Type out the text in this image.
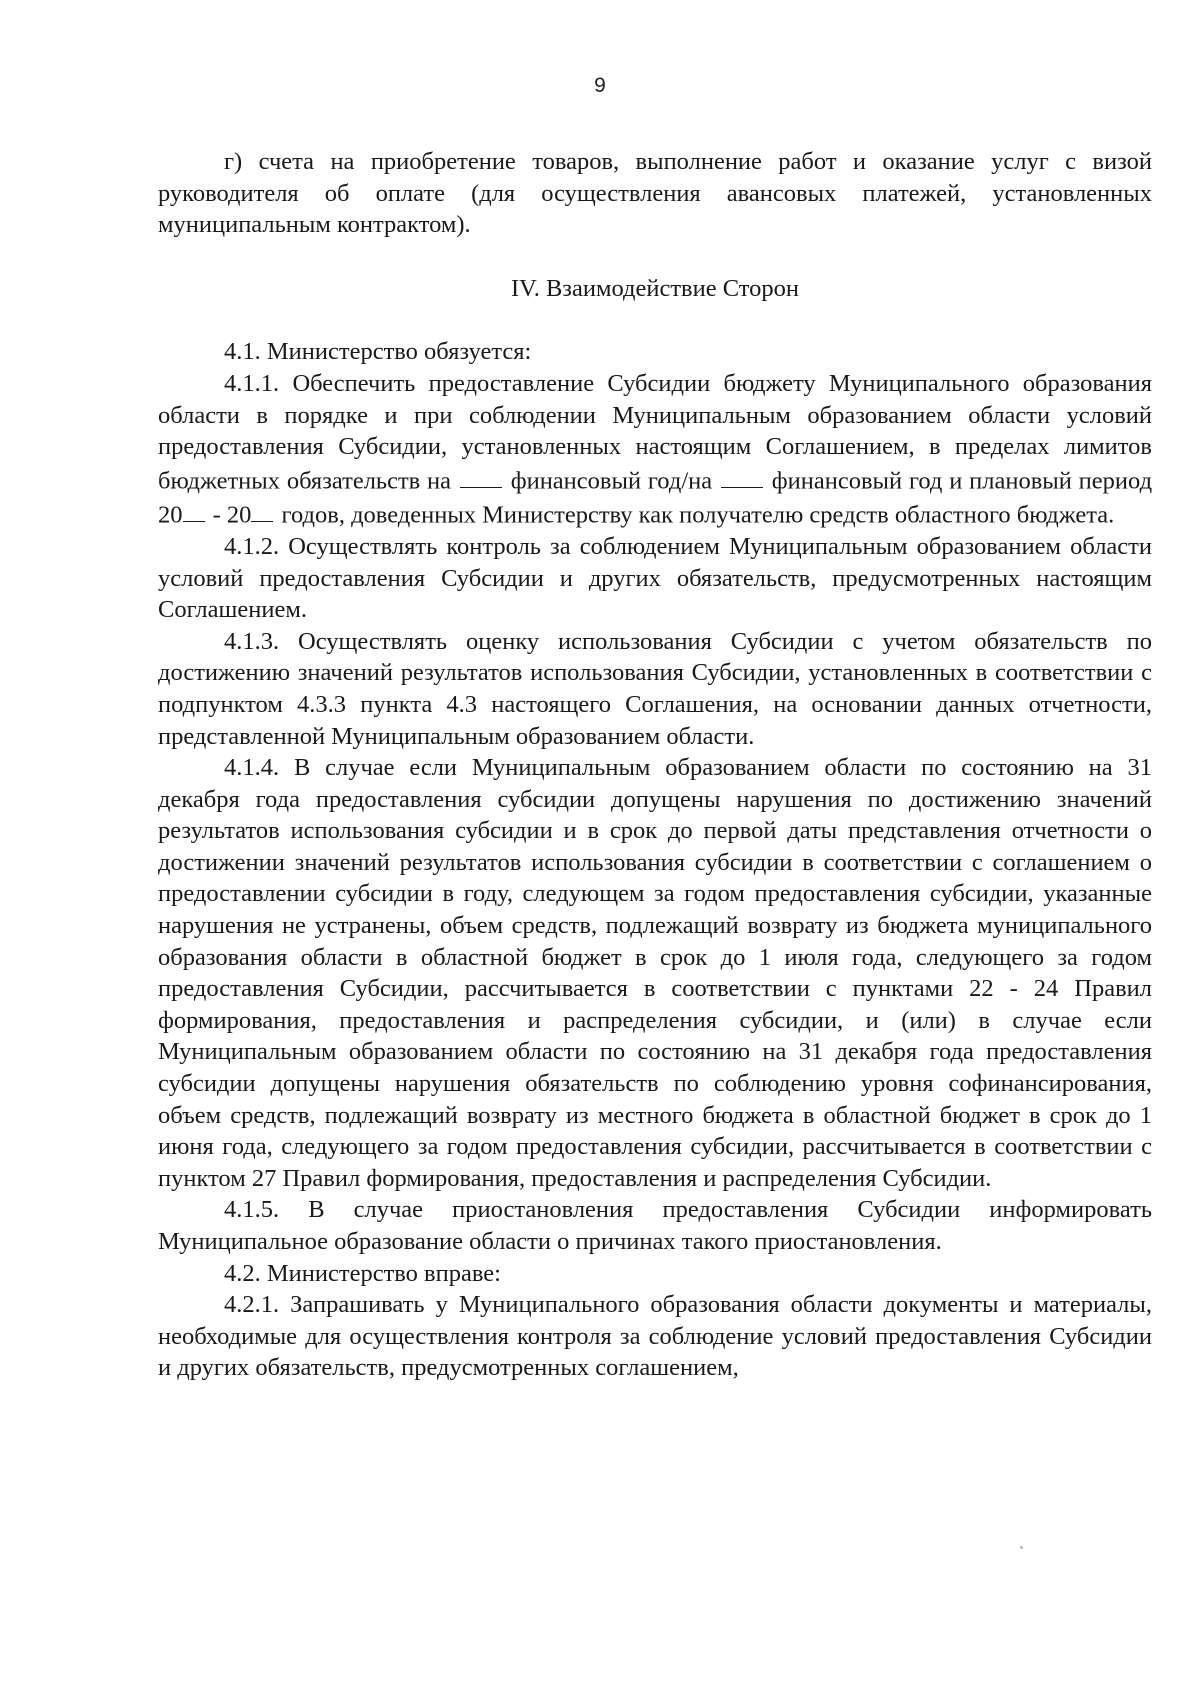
9

г) счета на приобретение товаров, выполнение работ и оказание услуг с визой руководителя об оплате (для осуществления авансовых платежей, установленных муниципальным контрактом).

IV. Взаимодействие Сторон

4.1. Министерство обязуется:

4.1.1. Обеспечить предоставление Субсидии бюджету Муниципального образования области в порядке и при соблюдении Муниципальным образованием области условий предоставления Субсидии, установленных настоящим Соглашением, в пределах лимитов бюджетных обязательств на финансовый год/на финансовый год и плановый период 20 - 20 годов, доведенных Министерству как получателю средств областного бюджета.

4.1.2. Осуществлять контроль за соблюдением Муниципальным образованием области условий предоставления Субсидии и других обязательств, предусмотренных настоящим Соглашением.

4.1.3. Осуществлять оценку использования Субсидии с учетом обязательств по достижению значений результатов использования Субсидии, установленных в соответствии с подпунктом 4.3.3 пункта 4.3 настоящего Соглашения, на основании данных отчетности, представленной Муниципальным образованием области.

4.1.4. В случае если Муниципальным образованием области по состоянию на 31 декабря года предоставления субсидии допущены нарушения по достижению значений результатов использования субсидии и в срок до первой даты представления отчетности о достижении значений результатов использования субсидии в соответствии с соглашением о предоставлении субсидии в году, следующем за годом предоставления субсидии, указанные нарушения не устранены, объем средств, подлежащий возврату из бюджета муниципального образования области в областной бюджет в срок до 1 июля года, следующего за годом предоставления Субсидии, рассчитывается в соответствии с пунктами 22 - 24 Правил формирования, предоставления и распределения субсидии, и (или) в случае если Муниципальным образованием области по состоянию на 31 декабря года предоставления субсидии допущены нарушения обязательств по соблюдению уровня софинансирования, объем средств, подлежащий возврату из местного бюджета в областной бюджет в срок до 1 июня года, следующего за годом предоставления субсидии, рассчитывается в соответствии с пунктом 27 Правил формирования, предоставления и распределения Субсидии.

4.1.5. В случае приостановления предоставления Субсидии информировать Муниципальное образование области о причинах такого приостановления.

4.2. Министерство вправе:

4.2.1. Запрашивать у Муниципального образования области документы и материалы, необходимые для осуществления контроля за соблюдение условий предоставления Субсидии и других обязательств, предусмотренных соглашением,
